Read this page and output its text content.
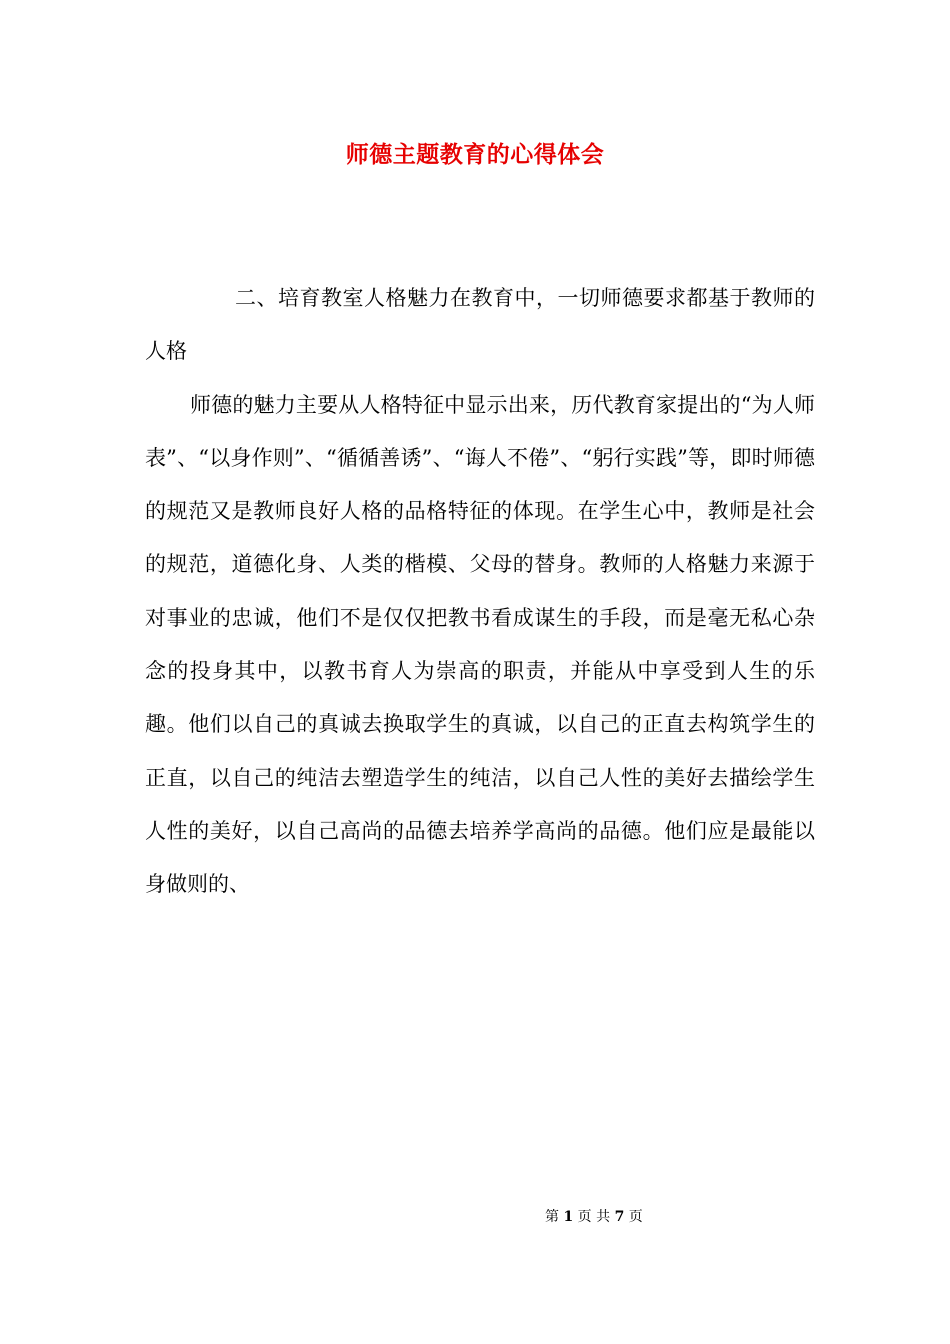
师德主题教育的心得体会

二、培育教室人格魅力在教育中，一切师德要求都基于教师的人格

师德的魅力主要从人格特征中显示出来，历代教育家提出的“为人师表”、“以身作则”、“循循善诱”、“诲人不倦”、“躬行实践”等，即时师德的规范又是教师良好人格的品格特征的体现。在学生心中，教师是社会的规范，道德化身、人类的楷模、父母的替身。教师的人格魅力来源于对事业的忠诚，他们不是仅仅把教书看成谋生的手段，而是毫无私心杂念的投身其中，以教书育人为崇高的职责，并能从中享受到人生的乐趣。他们以自己的真诚去换取学生的真诚，以自己的正直去构筑学生的正直，以自己的纯洁去塑造学生的纯洁，以自己人性的美好去描绘学生人性的美好，以自己高尚的品德去培养学高尚的品德。他们应是最能以身做则的、

第 1 页 共 7 页
